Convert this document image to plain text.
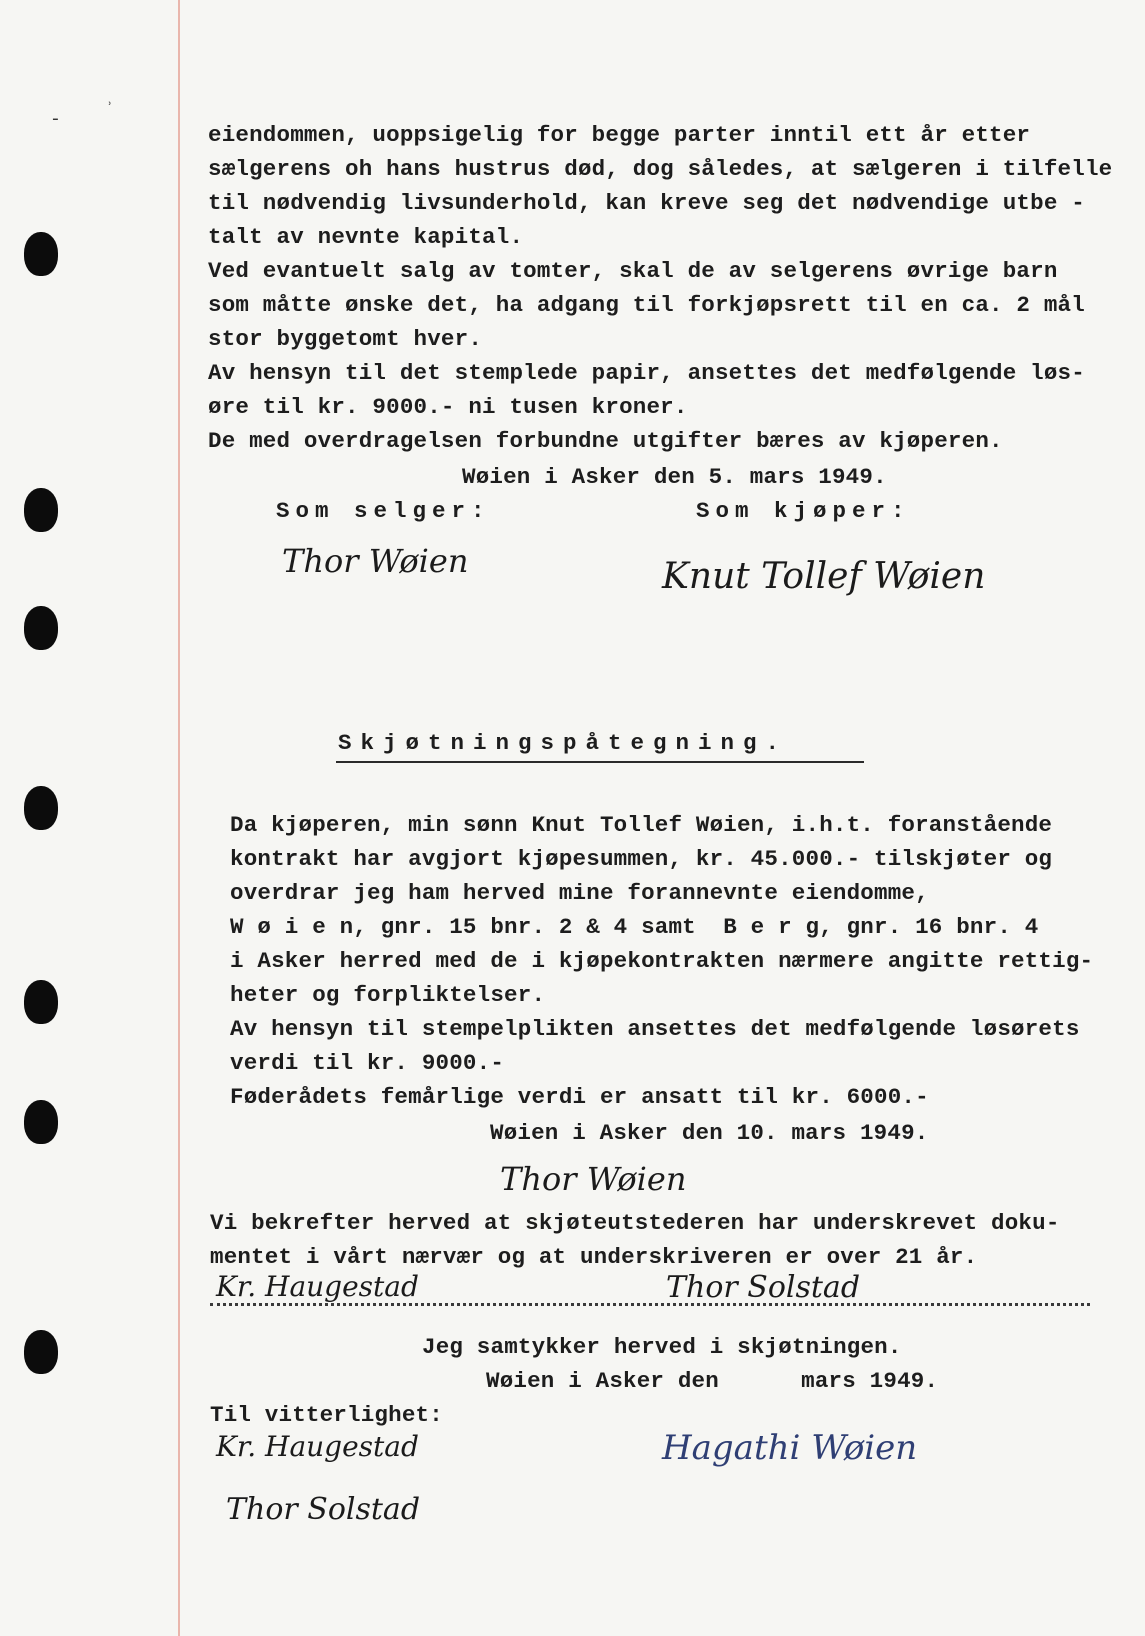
˒
-
eiendommen, uoppsigelig for begge parter inntil ett år etter
sælgerens oh hans hustrus død, dog således, at sælgeren i tilfelle
til nødvendig livsunderhold, kan kreve seg det nødvendige utbe -
talt av nevnte kapital.
Ved evantuelt salg av tomter, skal de av selgerens øvrige barn
som måtte ønske det, ha adgang til forkjøpsrett til en ca. 2 mål
stor byggetomt hver.
Av hensyn til det stemplede papir, ansettes det medfølgende løs-
øre til kr. 9000.- ni tusen kroner.
De med overdragelsen forbundne utgifter bæres av kjøperen.
Wøien i Asker den 5. mars 1949.
Som selger:	Som kjøper:
Thor Wøien	Knut Tollef Wøien
Skjøtningspåtegning.
Da kjøperen, min sønn Knut Tollef Wøien, i.h.t. foranstående
kontrakt har avgjort kjøpesummen, kr. 45.000.- tilskjøter og
overdrar jeg ham herved mine forannevnte eiendomme,
W ø i e n, gnr. 15 bnr. 2 & 4 samt  B e r g, gnr. 16 bnr. 4
i Asker herred med de i kjøpekontrakten nærmere angitte rettig-
heter og forpliktelser.
Av hensyn til stempelplikten ansettes det medfølgende løsørets
verdi til kr. 9000.-
Føderådets femårlige verdi er ansatt til kr. 6000.-
Wøien i Asker den 10. mars 1949.
Thor Wøien
Vi bekrefter herved at skjøteutstederen har underskrevet doku-
mentet i vårt nærvær og at underskriveren er over 21 år.
Kr. Haugestad	Thor Solstad
Jeg samtykker herved i skjøtningen.
Wøien i Asker den      mars 1949.
Til vitterlighet:
Kr. Haugestad
Thor Solstad
Hagathi Wøien
